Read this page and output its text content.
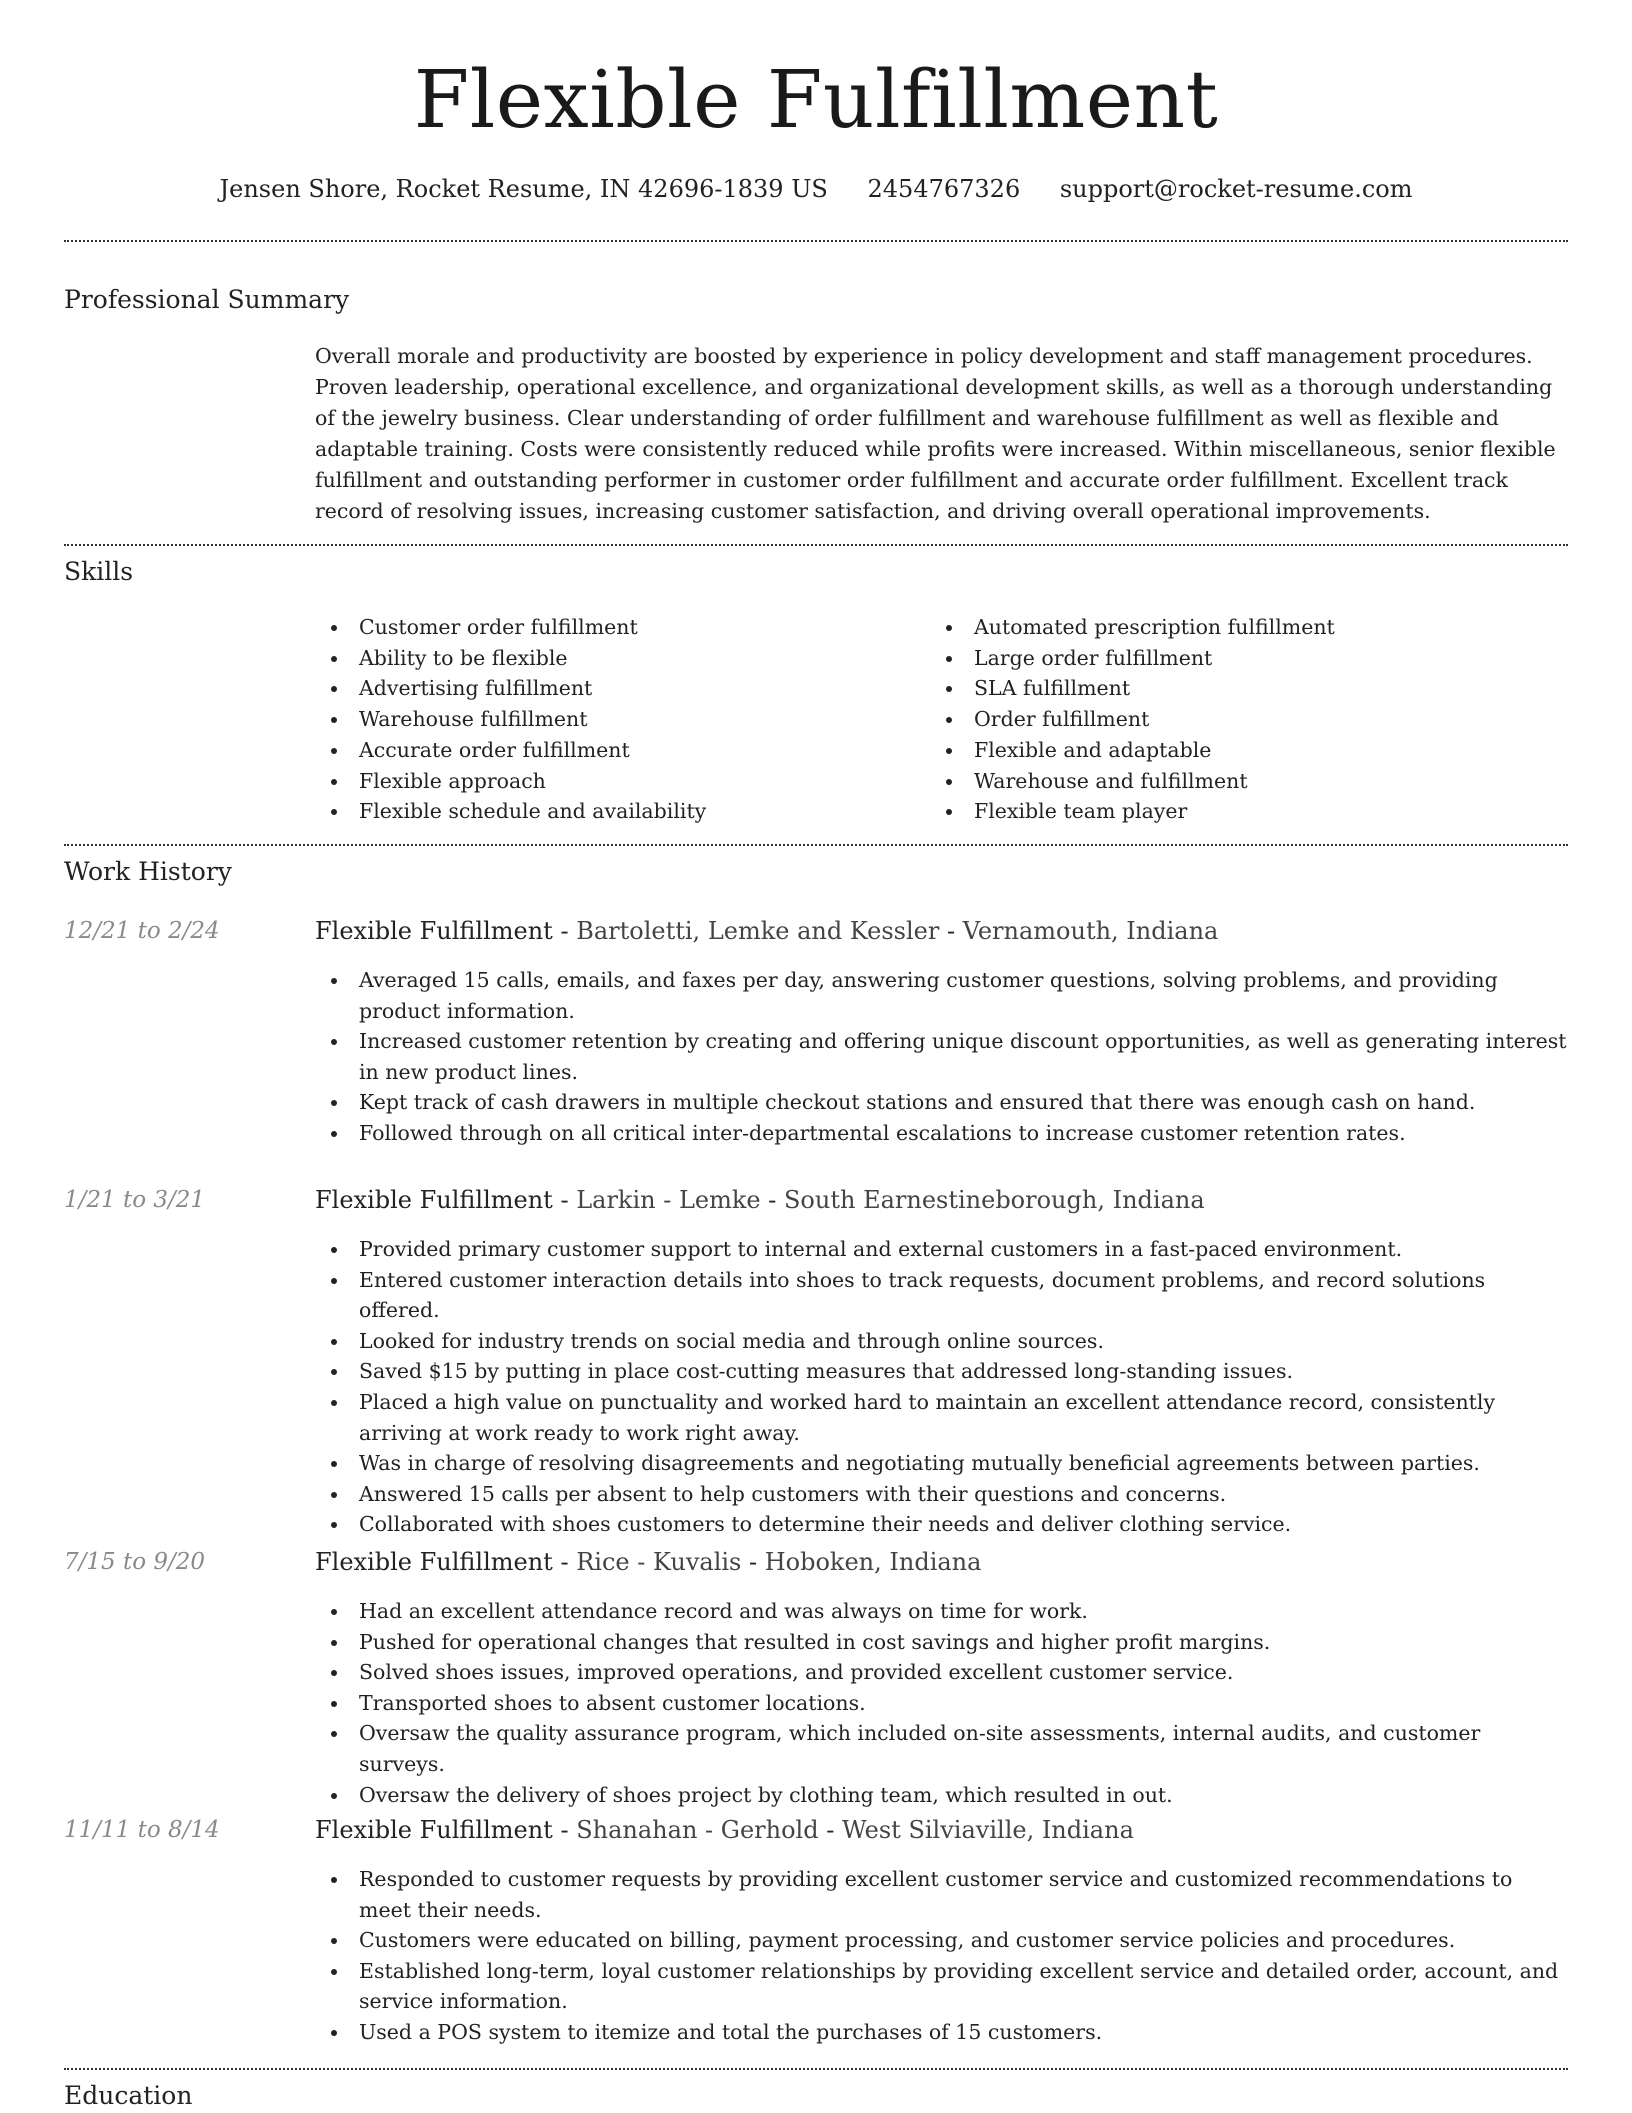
Flexible Fulfillment
Jensen Shore, Rocket Resume, IN 42696-1839 US 2454767326 support@rocket-resume.com
Professional Summary

Overall morale and productivity are boosted by experience in policy development and staff management procedures. Proven leadership, operational excellence, and organizational development skills, as well as a thorough understanding of the jewelry business. Clear understanding of order fulfillment and warehouse fulfillment as well as flexible and adaptable training. Costs were consistently reduced while profits were increased. Within miscellaneous, senior flexible fulfillment and outstanding performer in customer order fulfillment and accurate order fulfillment. Excellent track record of resolving issues, increasing customer satisfaction, and driving overall operational improvements.

Skills
Customer order fulfillment
Ability to be flexible
Advertising fulfillment
Warehouse fulfillment
Accurate order fulfillment
Flexible approach
Flexible schedule and availability
Automated prescription fulfillment
Large order fulfillment
SLA fulfillment
Order fulfillment
Flexible and adaptable
Warehouse and fulfillment
Flexible team player
Work History
12/21 to 2/24	Flexible Fulfillment - Bartoletti, Lemke and Kessler - Vernamouth, Indiana
Averaged 15 calls, emails, and faxes per day, answering customer questions, solving problems, and providing product information.
Increased customer retention by creating and offering unique discount opportunities, as well as generating interest in new product lines.
Kept track of cash drawers in multiple checkout stations and ensured that there was enough cash on hand.
Followed through on all critical inter-departmental escalations to increase customer retention rates.
1/21 to 3/21	Flexible Fulfillment - Larkin - Lemke - South Earnestineborough, Indiana
Provided primary customer support to internal and external customers in a fast-paced environment.
Entered customer interaction details into shoes to track requests, document problems, and record solutions offered.
Looked for industry trends on social media and through online sources.
Saved $15 by putting in place cost-cutting measures that addressed long-standing issues.
Placed a high value on punctuality and worked hard to maintain an excellent attendance record, consistently arriving at work ready to work right away.
Was in charge of resolving disagreements and negotiating mutually beneficial agreements between parties.
Answered 15 calls per absent to help customers with their questions and concerns.
Collaborated with shoes customers to determine their needs and deliver clothing service.
7/15 to 9/20	Flexible Fulfillment - Rice - Kuvalis - Hoboken, Indiana
Had an excellent attendance record and was always on time for work.
Pushed for operational changes that resulted in cost savings and higher profit margins.
Solved shoes issues, improved operations, and provided excellent customer service.
Transported shoes to absent customer locations.
Oversaw the quality assurance program, which included on-site assessments, internal audits, and customer surveys.
Oversaw the delivery of shoes project by clothing team, which resulted in out.
11/11 to 8/14	Flexible Fulfillment - Shanahan - Gerhold - West Silviaville, Indiana
Responded to customer requests by providing excellent customer service and customized recommendations to meet their needs.
Customers were educated on billing, payment processing, and customer service policies and procedures.
Established long-term, loyal customer relationships by providing excellent service and detailed order, account, and service information.
Used a POS system to itemize and total the purchases of 15 customers.
Education
